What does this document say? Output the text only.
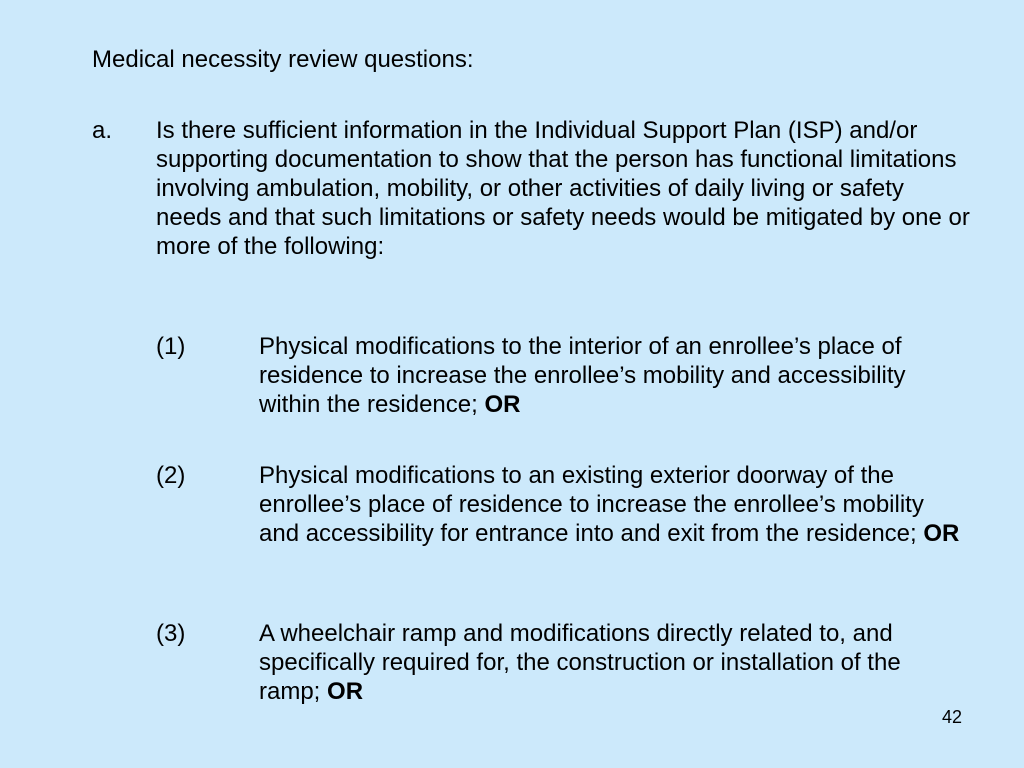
Medical necessity review questions:
a. Is there sufficient information in the Individual Support Plan (ISP) and/or supporting documentation to show that the person has functional limitations involving ambulation, mobility, or other activities of daily living or safety needs and that such limitations or safety needs would be mitigated by one or more of the following:
(1)	Physical modifications to the interior of an enrollee’s place of residence to increase the enrollee’s mobility and accessibility within the residence; OR
(2)	Physical modifications to an existing exterior doorway of the enrollee’s place of residence to increase the enrollee’s mobility and accessibility for entrance into and exit from the residence; OR
(3)	A wheelchair ramp and modifications directly related to, and specifically required for, the construction or installation of the ramp; OR
42
